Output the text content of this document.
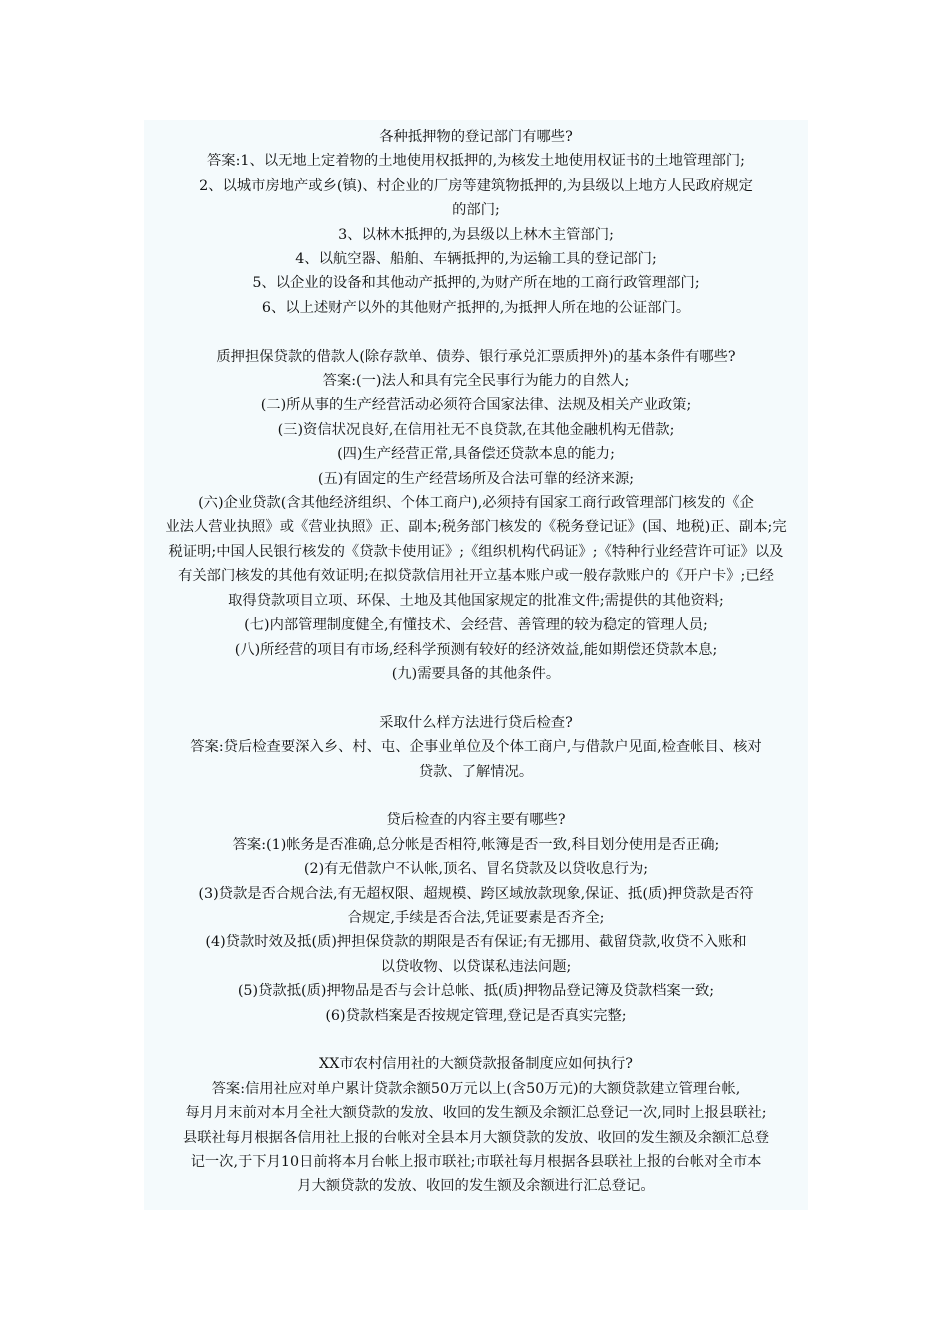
各种抵押物的登记部门有哪些?
答案:1、以无地上定着物的土地使用权抵押的,为核发土地使用权证书的土地管理部门;
2、以城市房地产或乡(镇)、村企业的厂房等建筑物抵押的,为县级以上地方人民政府规定
的部门;
3、以林木抵押的,为县级以上林木主管部门;
4、以航空器、船舶、车辆抵押的,为运输工具的登记部门;
5、以企业的设备和其他动产抵押的,为财产所在地的工商行政管理部门;
6、以上述财产以外的其他财产抵押的,为抵押人所在地的公证部门。
质押担保贷款的借款人(除存款单、债券、银行承兑汇票质押外)的基本条件有哪些?
答案:(一)法人和具有完全民事行为能力的自然人;
(二)所从事的生产经营活动必须符合国家法律、法规及相关产业政策;
(三)资信状况良好,在信用社无不良贷款,在其他金融机构无借款;
(四)生产经营正常,具备偿还贷款本息的能力;
(五)有固定的生产经营场所及合法可靠的经济来源;
(六)企业贷款(含其他经济组织、个体工商户),必须持有国家工商行政管理部门核发的《企
业法人营业执照》或《营业执照》正、副本;税务部门核发的《税务登记证》(国、地税)正、副本;完
税证明;中国人民银行核发的《贷款卡使用证》;《组织机构代码证》;《特种行业经营许可证》以及
有关部门核发的其他有效证明;在拟贷款信用社开立基本账户或一般存款账户的《开户卡》;已经
取得贷款项目立项、环保、土地及其他国家规定的批准文件;需提供的其他资料;
(七)内部管理制度健全,有懂技术、会经营、善管理的较为稳定的管理人员;
(八)所经营的项目有市场,经科学预测有较好的经济效益,能如期偿还贷款本息;
(九)需要具备的其他条件。
采取什么样方法进行贷后检查?
答案:贷后检查要深入乡、村、屯、企事业单位及个体工商户,与借款户见面,检查帐目、核对
贷款、了解情况。
贷后检查的内容主要有哪些?
答案:(1)帐务是否准确,总分帐是否相符,帐簿是否一致,科目划分使用是否正确;
(2)有无借款户不认帐,顶名、冒名贷款及以贷收息行为;
(3)贷款是否合规合法,有无超权限、超规模、跨区域放款现象,保证、抵(质)押贷款是否符
合规定,手续是否合法,凭证要素是否齐全;
(4)贷款时效及抵(质)押担保贷款的期限是否有保证;有无挪用、截留贷款,收贷不入账和
以贷收物、以贷谋私违法问题;
(5)贷款抵(质)押物品是否与会计总帐、抵(质)押物品登记簿及贷款档案一致;
(6)贷款档案是否按规定管理,登记是否真实完整;
XX市农村信用社的大额贷款报备制度应如何执行?
答案:信用社应对单户累计贷款余额50万元以上(含50万元)的大额贷款建立管理台帐,
每月月末前对本月全社大额贷款的发放、收回的发生额及余额汇总登记一次,同时上报县联社;
县联社每月根据各信用社上报的台帐对全县本月大额贷款的发放、收回的发生额及余额汇总登
记一次,于下月10日前将本月台帐上报市联社;市联社每月根据各县联社上报的台帐对全市本
月大额贷款的发放、收回的发生额及余额进行汇总登记。
